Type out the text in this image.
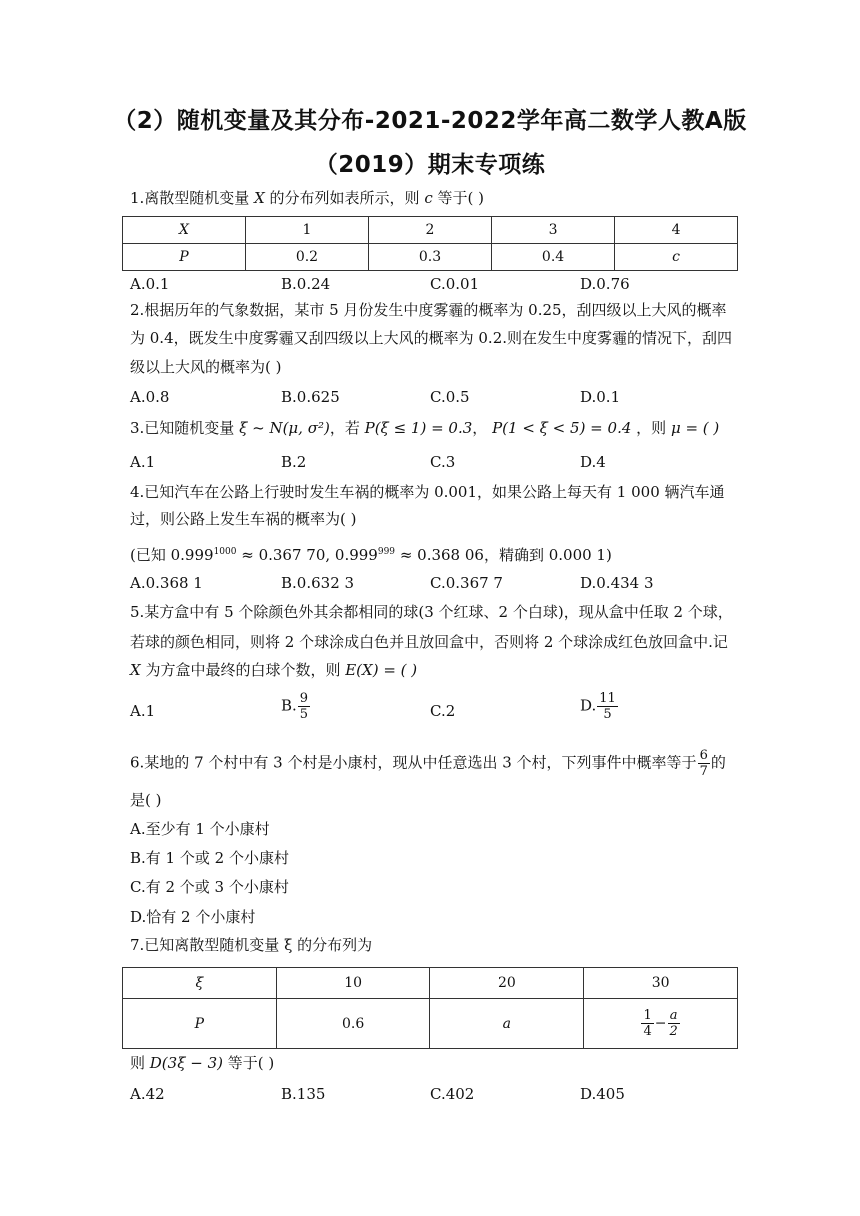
（2）随机变量及其分布-2021-2022学年高二数学人教A版
（2019）期末专项练
1.离散型随机变量 X 的分布列如表所示，则 c 等于( )
X	1	2	3	4
P	0.2	0.3	0.4	c
A.0.1	B.0.24	C.0.01	D.0.76
2.根据历年的气象数据，某市 5 月份发生中度雾霾的概率为 0.25，刮四级以上大风的概率
为 0.4，既发生中度雾霾又刮四级以上大风的概率为 0.2.则在发生中度雾霾的情况下，刮四
级以上大风的概率为( )
A.0.8	B.0.625	C.0.5	D.0.1
3.已知随机变量 ξ ~ N(μ, σ²)，若 P(ξ ≤ 1) = 0.3， P(1 < ξ < 5) = 0.4 ，则 μ = ( )
A.1	B.2	C.3	D.4
4.已知汽车在公路上行驶时发生车祸的概率为 0.001，如果公路上每天有 1 000 辆汽车通
过，则公路上发生车祸的概率为( )
(已知 $0.999^{1000} \approx 0.367$ 70, $0.999^{999} \approx 0.368$ 06，精确到 0.000 1)
A.0.368 1	B.0.632 3	C.0.367 7	D.0.434 3
5.某方盒中有 5 个除颜色外其余都相同的球(3 个红球、2 个白球)，现从盒中任取 2 个球，
若球的颜色相同，则将 2 个球涂成白色并且放回盒中，否则将 2 个球涂成红色放回盒中.记
X 为方盒中最终的白球个数，则 E(X) = ( )
A.1	B. $\frac{9}{5}$	C.2	D. $\frac{11}{5}$
6.某地的 7 个村中有 3 个村是小康村，现从中任意选出 3 个村，下列事件中概率等于 $\frac{6}{7}$ 的
是( )
A.至少有 1 个小康村
B.有 1 个或 2 个小康村
C.有 2 个或 3 个小康村
D.恰有 2 个小康村
7.已知离散型随机变量 ξ 的分布列为
ξ	10	20	30
P	0.6	a	$\frac{1}{4} - \frac{a}{2}$
则 D(3ξ − 3) 等于( )
A.42	B.135	C.402	D.405
